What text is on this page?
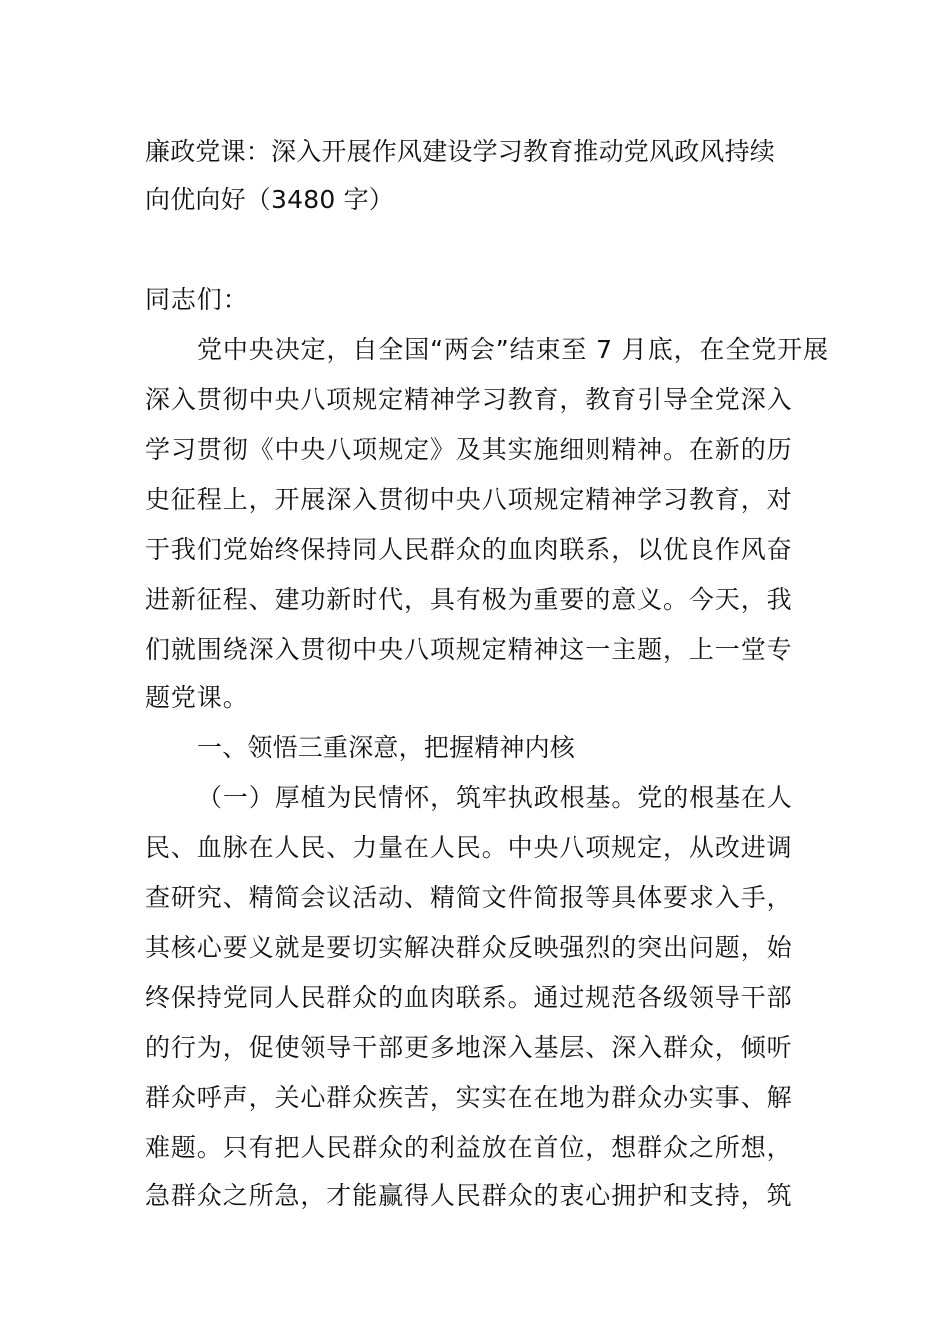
廉政党课：深入开展作风建设学习教育推动党风政风持续
向优向好（3480 字）
同志们：
党中央决定，自全国“两会”结束至 7 月底，在全党开展
深入贯彻中央八项规定精神学习教育，教育引导全党深入
学习贯彻《中央八项规定》及其实施细则精神。在新的历
史征程上，开展深入贯彻中央八项规定精神学习教育，对
于我们党始终保持同人民群众的血肉联系，以优良作风奋
进新征程、建功新时代，具有极为重要的意义。今天，我
们就围绕深入贯彻中央八项规定精神这一主题，上一堂专
题党课。
一、领悟三重深意，把握精神内核
（一）厚植为民情怀，筑牢执政根基。党的根基在人
民、血脉在人民、力量在人民。中央八项规定，从改进调
查研究、精简会议活动、精简文件简报等具体要求入手，
其核心要义就是要切实解决群众反映强烈的突出问题，始
终保持党同人民群众的血肉联系。通过规范各级领导干部
的行为，促使领导干部更多地深入基层、深入群众，倾听
群众呼声，关心群众疾苦，实实在在地为群众办实事、解
难题。只有把人民群众的利益放在首位，想群众之所想，
急群众之所急，才能赢得人民群众的衷心拥护和支持，筑
